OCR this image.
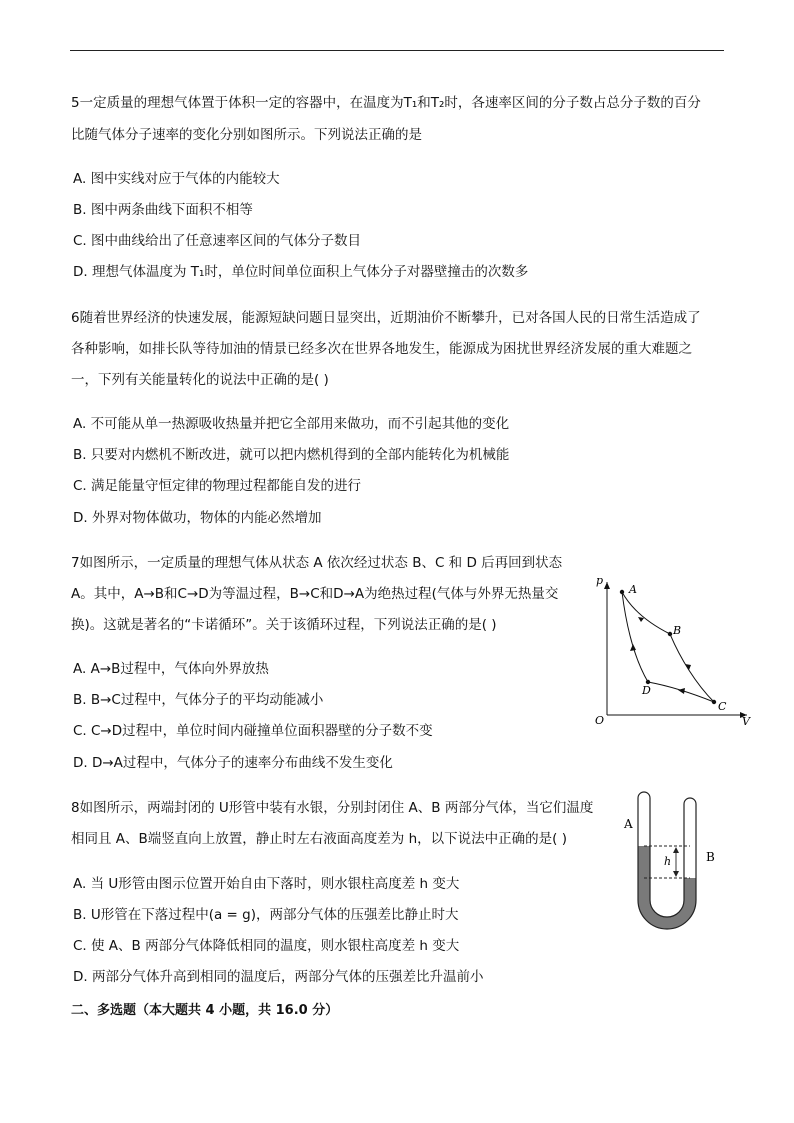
5一定质量的理想气体置于体积一定的容器中，在温度为T₁和T₂时，各速率区间的分子数占总分子数的百分
比随气体分子速率的变化分别如图所示。下列说法正确的是
A. 图中实线对应于气体的内能较大
B. 图中两条曲线下面积不相等
C. 图中曲线给出了任意速率区间的气体分子数目
D. 理想气体温度为 T₁时，单位时间单位面积上气体分子对器壁撞击的次数多
6随着世界经济的快速发展，能源短缺问题日显突出，近期油价不断攀升，已对各国人民的日常生活造成了
各种影响，如排长队等待加油的情景已经多次在世界各地发生，能源成为困扰世界经济发展的重大难题之
一，下列有关能量转化的说法中正确的是( )
A. 不可能从单一热源吸收热量并把它全部用来做功，而不引起其他的变化
B. 只要对内燃机不断改进，就可以把内燃机得到的全部内能转化为机械能
C. 满足能量守恒定律的物理过程都能自发的进行
D. 外界对物体做功，物体的内能必然增加
7如图所示，一定质量的理想气体从状态 A 依次经过状态 B、C 和 D 后再回到状态
A。其中，A→B和C→D为等温过程，B→C和D→A为绝热过程(气体与外界无热量交
换)。这就是著名的“卡诺循环”。关于该循环过程，下列说法正确的是( )
A. A→B过程中，气体向外界放热
B. B→C过程中，气体分子的平均动能减小
C. C→D过程中，单位时间内碰撞单位面积器壁的分子数不变
D. D→A过程中，气体分子的速率分布曲线不发生变化
p
V
O
A
B
C
D
8如图所示，两端封闭的 U形管中装有水银，分别封闭住 A、B 两部分气体，当它们温度
相同且 A、B端竖直向上放置，静止时左右液面高度差为 h，以下说法中正确的是( )
A. 当 U形管由图示位置开始自由下落时，则水银柱高度差 h 变大
B. U形管在下落过程中(a = g)，两部分气体的压强差比静止时大
C. 使 A、B 两部分气体降低相同的温度，则水银柱高度差 h 变大
D. 两部分气体升高到相同的温度后，两部分气体的压强差比升温前小
h
A
B
二、多选题（本大题共 4 小题，共 16.0 分）
